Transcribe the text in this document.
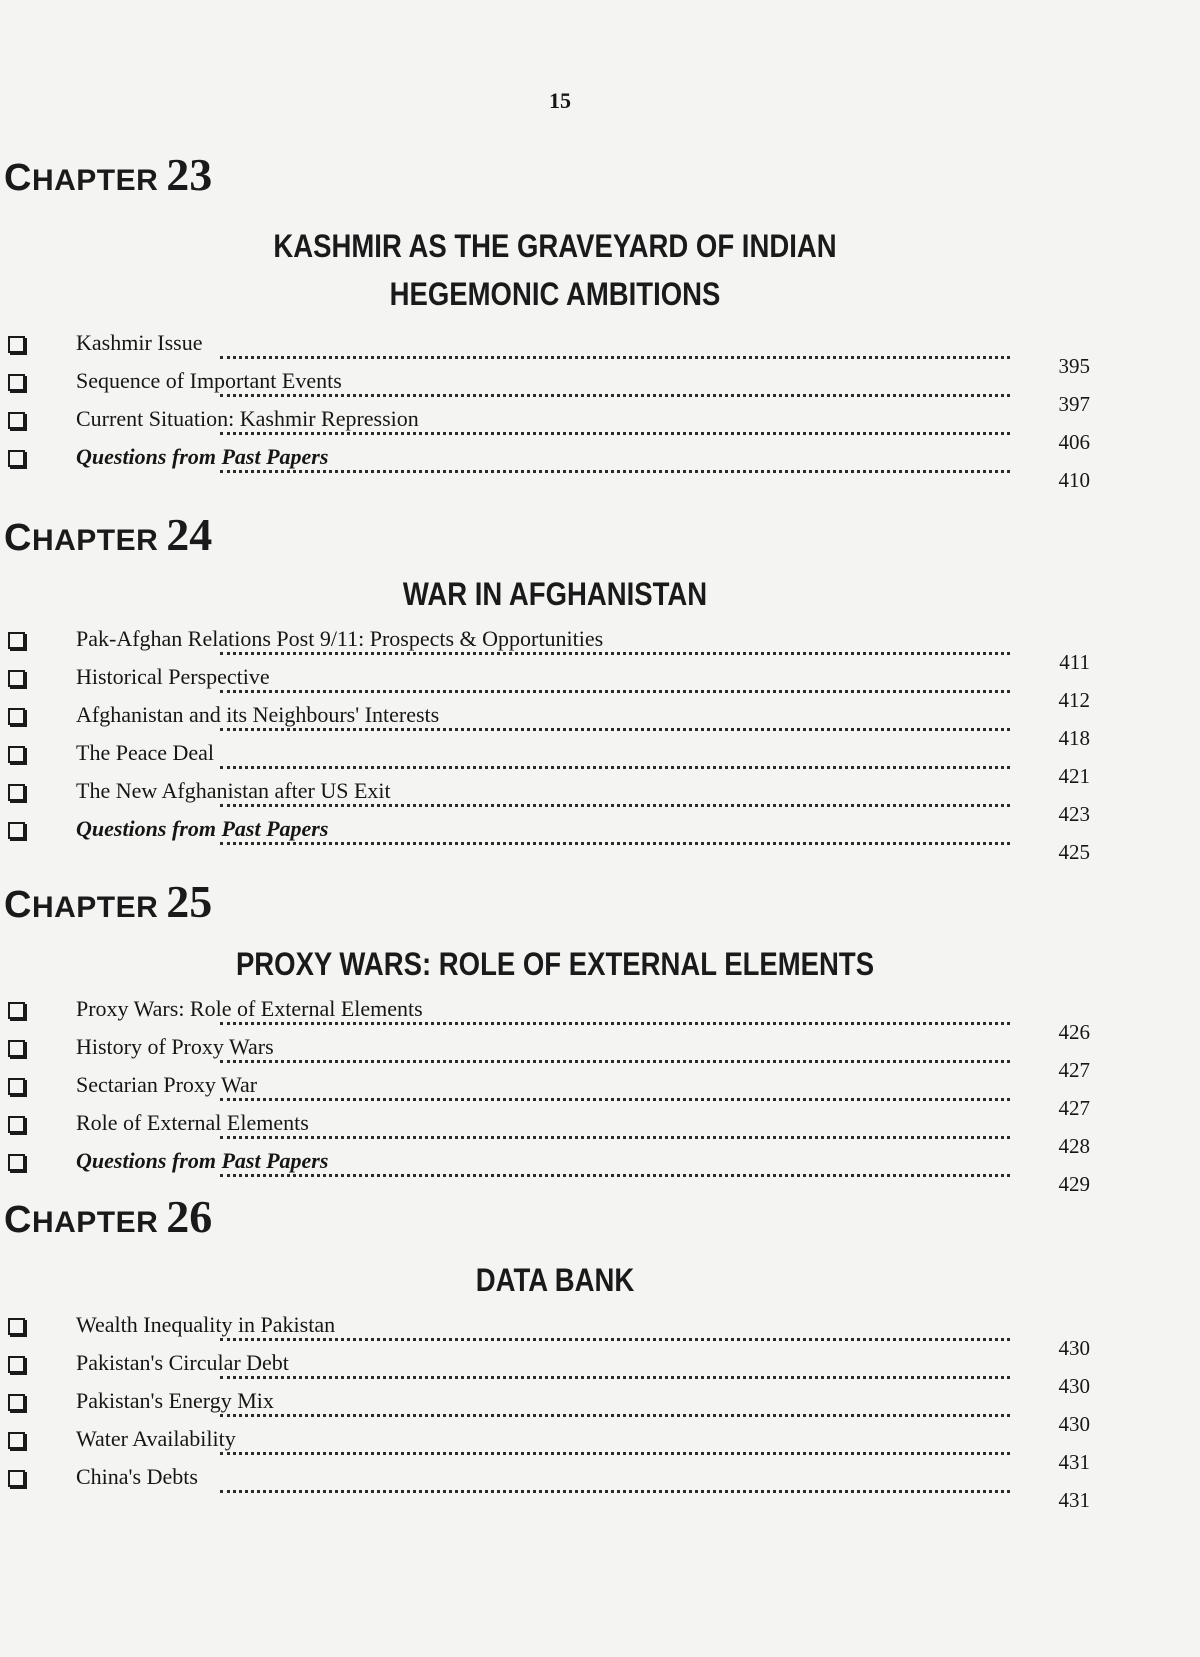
15
CHAPTER 23
KASHMIR AS THE GRAVEYARD OF INDIAN
HEGEMONIC AMBITIONS
Kashmir Issue
395
Sequence of Important Events
397
Current Situation: Kashmir Repression
406
Questions from Past Papers
410
CHAPTER 24
WAR IN AFGHANISTAN
Pak-Afghan Relations Post 9/11: Prospects & Opportunities
411
Historical Perspective
412
Afghanistan and its Neighbours' Interests
418
The Peace Deal
421
The New Afghanistan after US Exit
423
Questions from Past Papers
425
CHAPTER 25
PROXY WARS: ROLE OF EXTERNAL ELEMENTS
Proxy Wars: Role of External Elements
426
History of Proxy Wars
427
Sectarian Proxy War
427
Role of External Elements
428
Questions from Past Papers
429
CHAPTER 26
DATA BANK
Wealth Inequality in Pakistan
430
Pakistan's Circular Debt
430
Pakistan's Energy Mix
430
Water Availability
431
China's Debts
431
